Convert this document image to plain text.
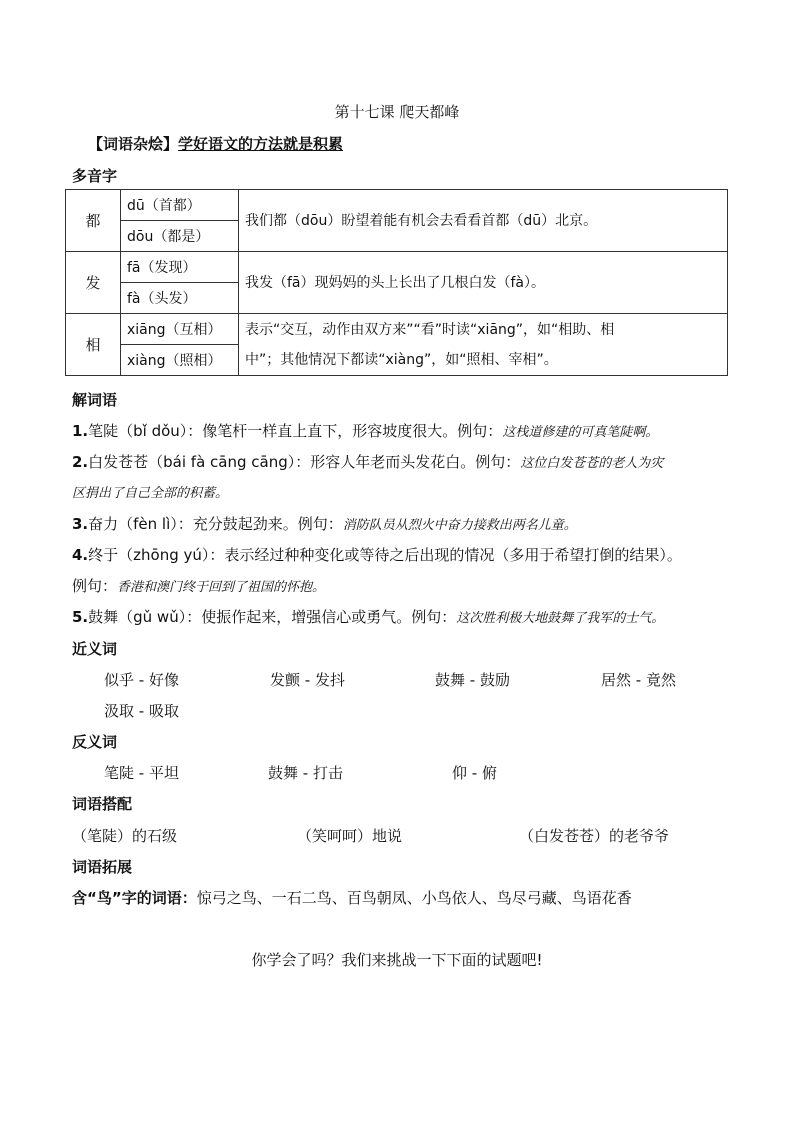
第十七课 爬天都峰
【词语杂烩】学好语文的方法就是积累
多音字
都	dū（首都）	我们都（dōu）盼望着能有机会去看看首都（dū）北京。
	dōu（都是）	
发	fā（发现）	我发（fā）现妈妈的头上长出了几根白发（fà）。
	fà（头发）	
相	xiāng（互相）	表示“交互，动作由双方来”“看”时读“xiāng”，如“相助、相
中”；其他情况下都读“xiàng”，如“照相、宰相”。

	xiàng（照相）	
解词语
1.笔陡（bǐ dǒu）：像笔杆一样直上直下，形容坡度很大。例句：这栈道修建的可真笔陡啊。
2.白发苍苍（bái fà cāng cāng）：形容人年老而头发花白。例句：这位白发苍苍的老人为灾
区捐出了自己全部的积蓄。
3.奋力（fèn lì）：充分鼓起劲来。例句：消防队员从烈火中奋力接救出两名儿童。
4.终于（zhōng yú）：表示经过种种变化或等待之后出现的情况（多用于希望打倒的结果）。
例句：香港和澳门终于回到了祖国的怀抱。
5.鼓舞（gǔ wǔ）：使振作起来，增强信心或勇气。例句：这次胜利极大地鼓舞了我军的士气。
近义词
似乎 - 好像	发颤 - 发抖	鼓舞 - 鼓励	居然 - 竟然
汲取 - 吸取
反义词
笔陡 - 平坦	鼓舞 - 打击	仰 - 俯
词语搭配
（笔陡）的石级	（笑呵呵）地说	（白发苍苍）的老爷爷
词语拓展
含“鸟”字的词语：惊弓之鸟、一石二鸟、百鸟朝凤、小鸟依人、鸟尽弓藏、鸟语花香
你学会了吗？我们来挑战一下下面的试题吧!
